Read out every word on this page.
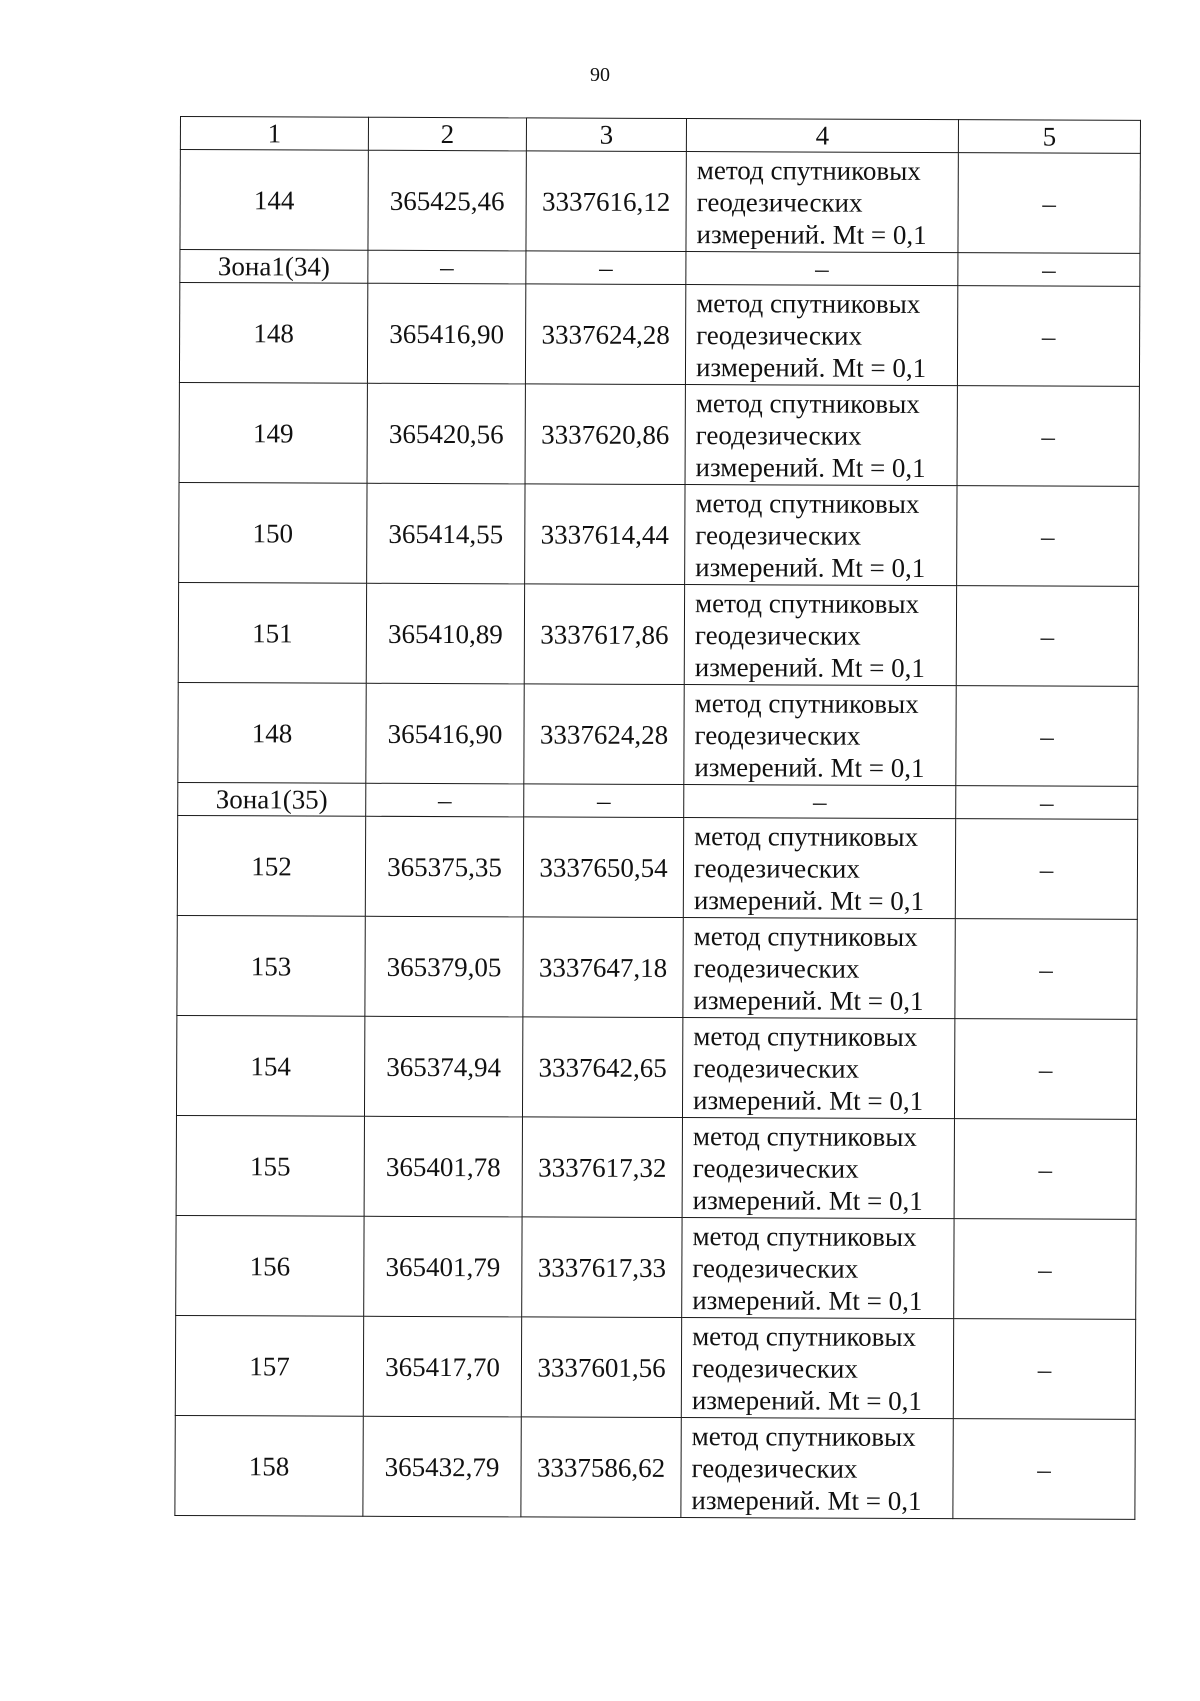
90
1	2	3	4	5
144	365425,46	3337616,12	метод спутниковых
геодезических
измерений. Mt = 0,1	–
Зона1(34)	–	–	–	–
148	365416,90	3337624,28	метод спутниковых
геодезических
измерений. Mt = 0,1	–
149	365420,56	3337620,86	метод спутниковых
геодезических
измерений. Mt = 0,1	–
150	365414,55	3337614,44	метод спутниковых
геодезических
измерений. Mt = 0,1	–
151	365410,89	3337617,86	метод спутниковых
геодезических
измерений. Mt = 0,1	–
148	365416,90	3337624,28	метод спутниковых
геодезических
измерений. Mt = 0,1	–
Зона1(35)	–	–	–	–
152	365375,35	3337650,54	метод спутниковых
геодезических
измерений. Mt = 0,1	–
153	365379,05	3337647,18	метод спутниковых
геодезических
измерений. Mt = 0,1	–
154	365374,94	3337642,65	метод спутниковых
геодезических
измерений. Mt = 0,1	–
155	365401,78	3337617,32	метод спутниковых
геодезических
измерений. Mt = 0,1	–
156	365401,79	3337617,33	метод спутниковых
геодезических
измерений. Mt = 0,1	–
157	365417,70	3337601,56	метод спутниковых
геодезических
измерений. Mt = 0,1	–
158	365432,79	3337586,62	метод спутниковых
геодезических
измерений. Mt = 0,1	–
